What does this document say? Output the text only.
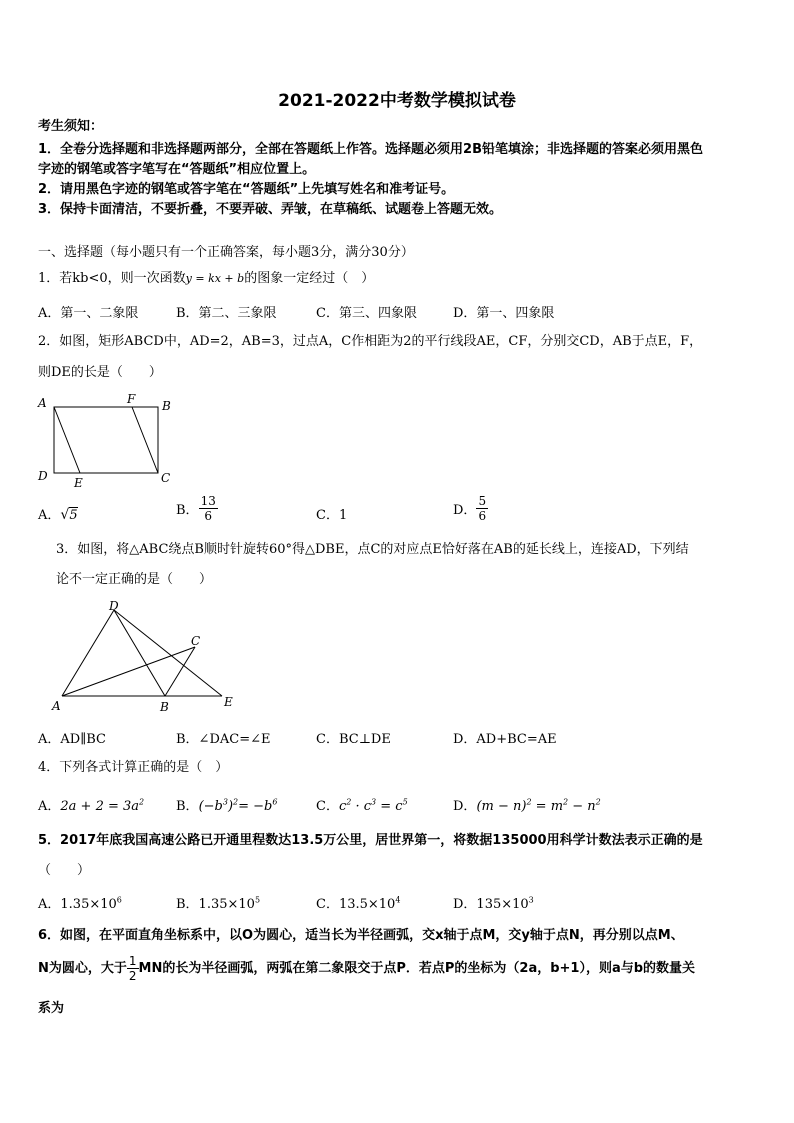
2021-2022中考数学模拟试卷
考生须知：
1．全卷分选择题和非选择题两部分，全部在答题纸上作答。选择题必须用2B铅笔填涂；非选择题的答案必须用黑色
字迹的钢笔或答字笔写在“答题纸”相应位置上。
2．请用黑色字迹的钢笔或答字笔在“答题纸”上先填写姓名和准考证号。
3．保持卡面清洁，不要折叠，不要弄破、弄皱，在草稿纸、试题卷上答题无效。
一、选择题（每小题只有一个正确答案，每小题3分，满分30分）
1．若kb<0，则一次函数y = kx + b的图象一定经过（　）
A．第一、二象限	B．第二、三象限	C．第三、四象限	D．第一、四象限
2．如图，矩形ABCD中，AD=2，AB=3，过点A，C作相距为2的平行线段AE，CF，分别交CD，AB于点E，F，
则DE的长是（　　）
A	B
C
D E
F
A．√5	B． $\frac{13}{6}$	C．1	D． $\frac{5}{6}$
3．如图，将△ABC绕点B顺时针旋转60°得△DBE，点C的对应点E恰好落在AB的延长线上，连接AD，下列结
论不一定正确的是（　　）
A	B
C
D
E
A．AD∥BC	B．∠DAC=∠E	C．BC⊥DE	D．AD+BC=AE
4．下列各式计算正确的是（　）
A．$2a + 2 = 3a^2$ B．$(-b^3)^2= -b^6$	C．$c^2 \cdot c^3 = c^5$	D．$(m - n)^2 = m^2 - n^2$
5．2017年底我国高速公路已开通里程数达13.5万公里，居世界第一，将数据135000用科学计数法表示正确的是
（　　）
A．$1.35\times 10^6$	B．$1.35\times 10^5$	C．$13.5\times 10^4$	D．$135\times 10^3$
6．如图，在平面直角坐标系中，以O为圆心，适当长为半径画弧，交x轴于点M，交y轴于点N，再分别以点M、
N为圆心，大于 $\frac{1}{2}$ MN的长为半径画弧，两弧在第二象限交于点P．若点P的坐标为（2a，b+1），则a与b的数量关
系为
